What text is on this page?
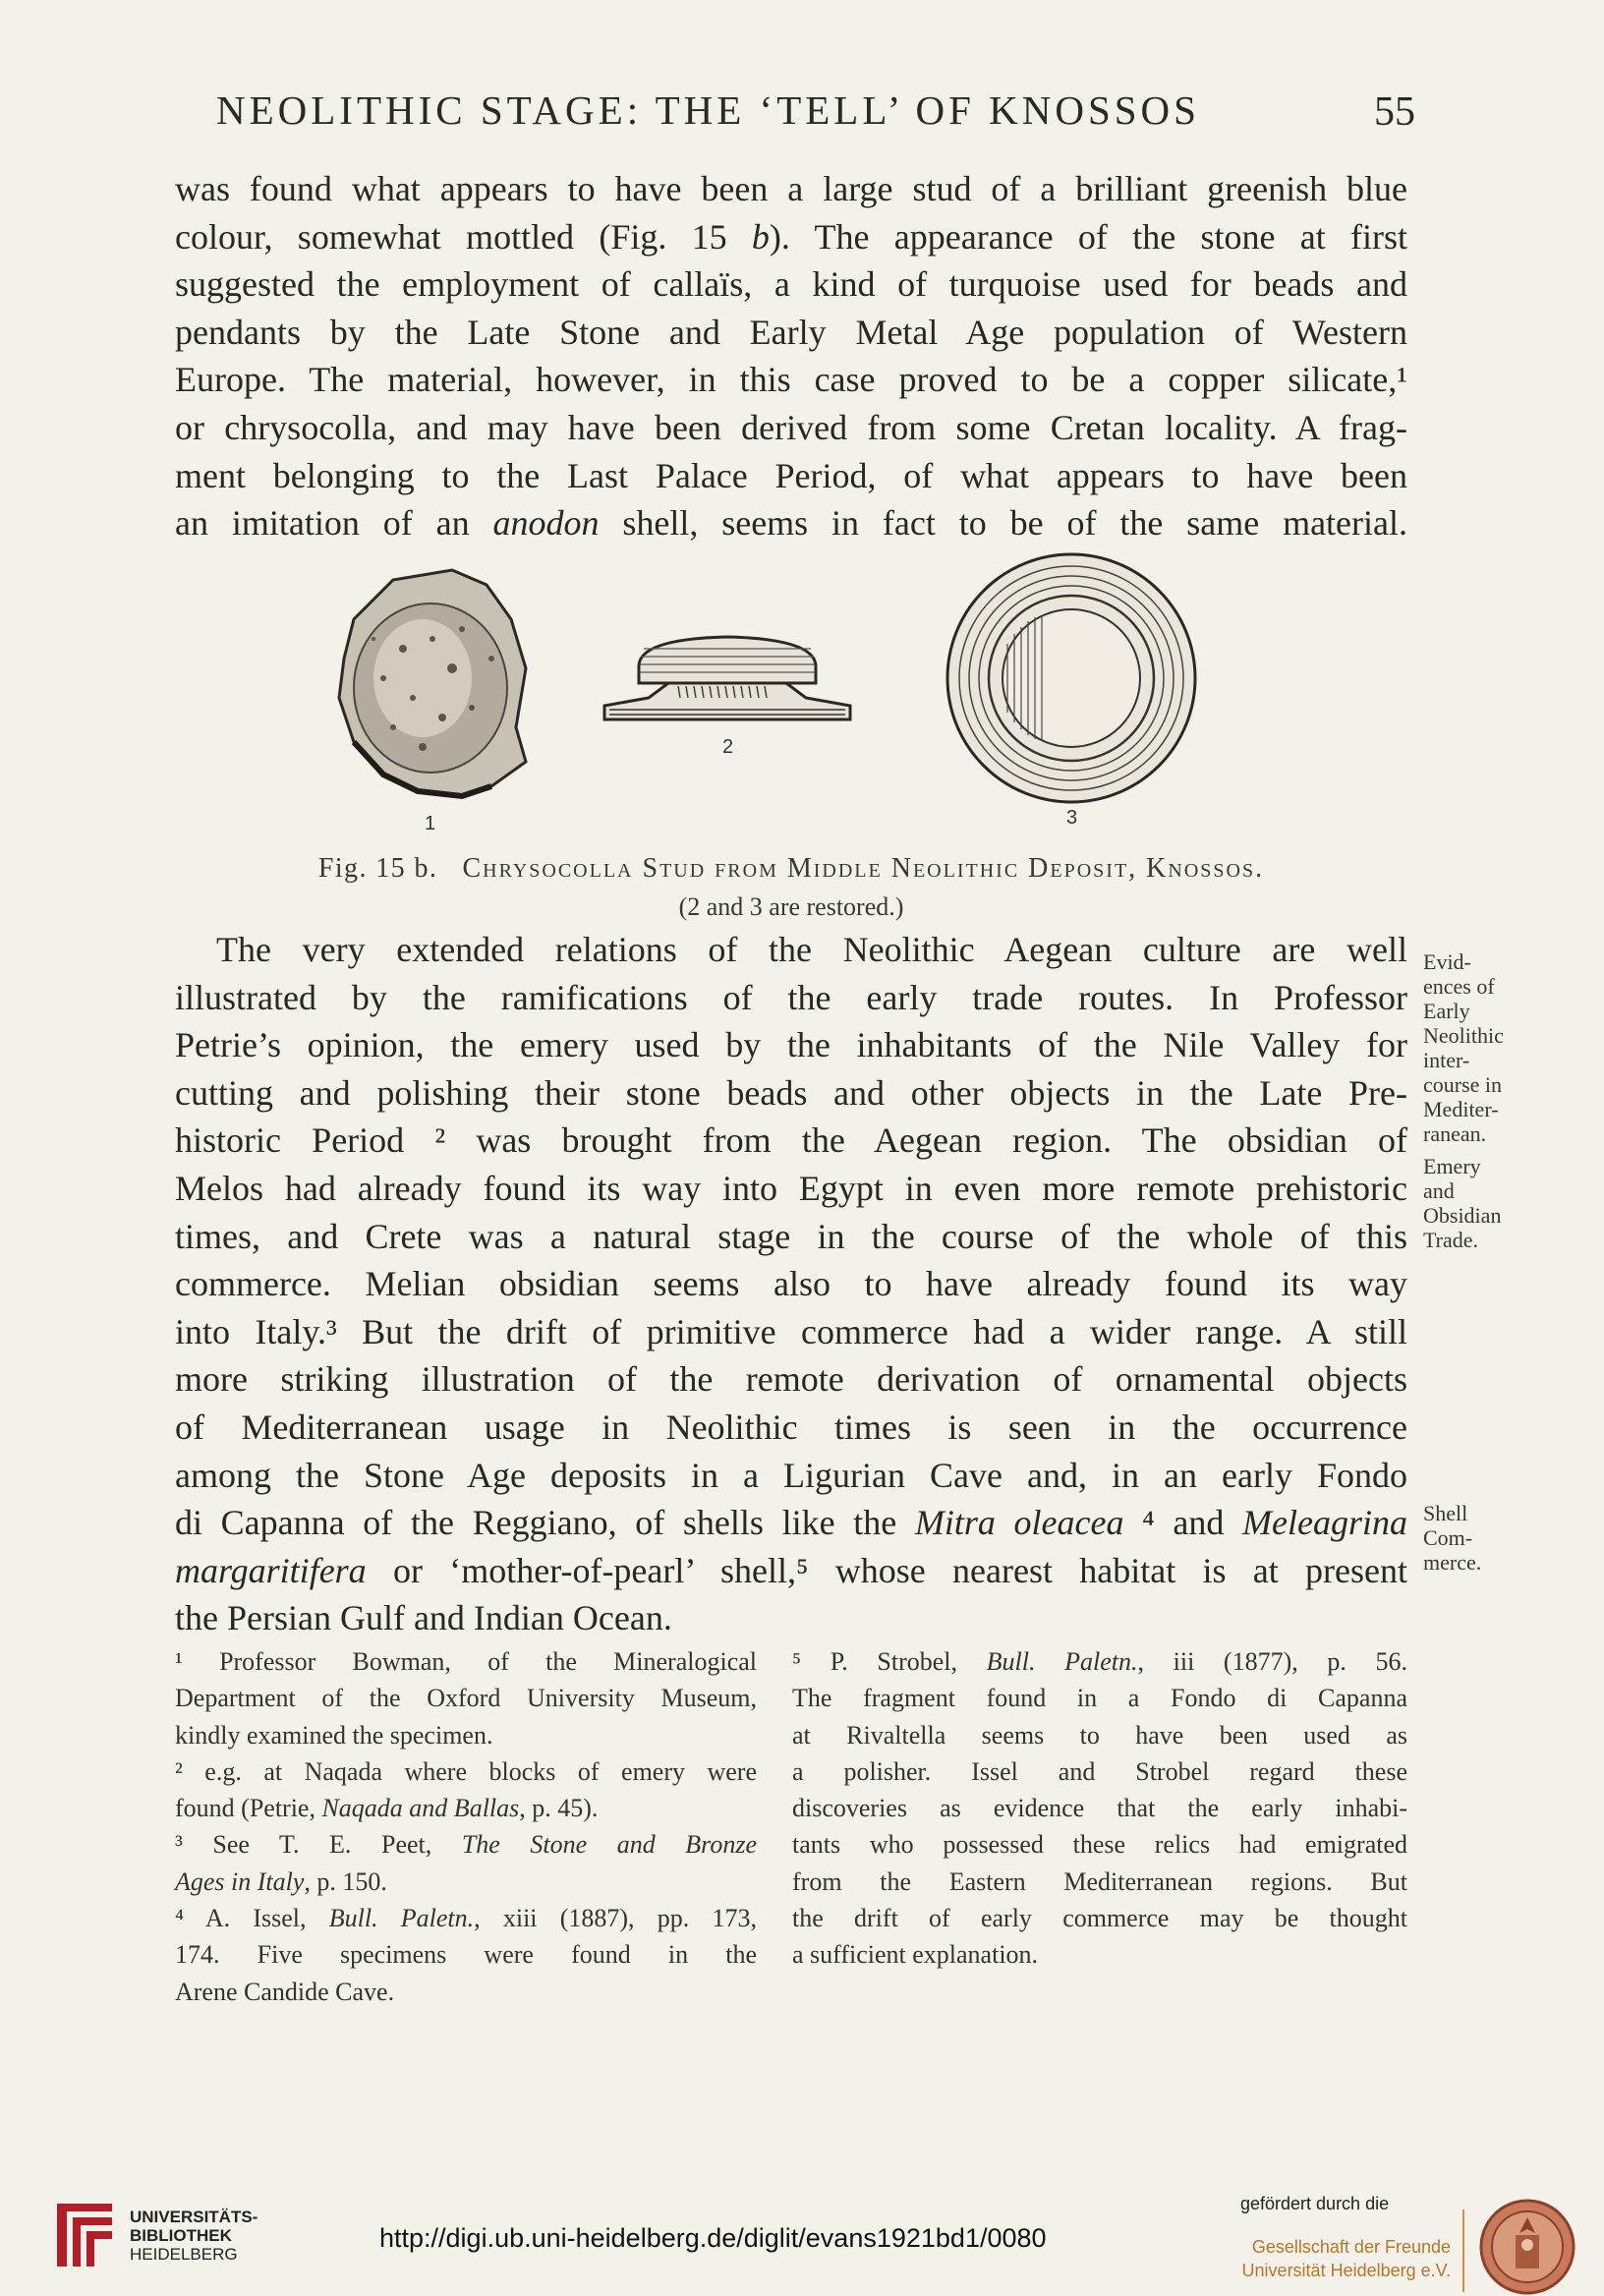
NEOLITHIC STAGE: THE ‘TELL’ OF KNOSSOS	55
was found what appears to have been a large stud of a brilliant greenish blue
colour, somewhat mottled (Fig. 15 b). The appearance of the stone at first
suggested the employment of callaïs, a kind of turquoise used for beads and
pendants by the Late Stone and Early Metal Age population of Western
Europe. The material, however, in this case proved to be a copper silicate,¹
or chrysocolla, and may have been derived from some Cretan locality. A frag-
ment belonging to the Last Palace Period, of what appears to have been
an imitation of an anodon shell, seems in fact to be of the same material.
1
2
3
Fig. 15 b. Chrysocolla Stud from Middle Neolithic Deposit, Knossos.
(2 and 3 are restored.)
The very extended relations of the Neolithic Aegean culture are well
illustrated by the ramifications of the early trade routes. In Professor
Petrie’s opinion, the emery used by the inhabitants of the Nile Valley for
cutting and polishing their stone beads and other objects in the Late Pre-
historic Period ² was brought from the Aegean region. The obsidian of
Melos had already found its way into Egypt in even more remote prehistoric
times, and Crete was a natural stage in the course of the whole of this
commerce. Melian obsidian seems also to have already found its way
into Italy.³ But the drift of primitive commerce had a wider range. A still
more striking illustration of the remote derivation of ornamental objects
of Mediterranean usage in Neolithic times is seen in the occurrence
among the Stone Age deposits in a Ligurian Cave and, in an early Fondo
di Capanna of the Reggiano, of shells like the Mitra oleacea ⁴ and Meleagrina
margaritifera or ‘mother-of-pearl’ shell,⁵ whose nearest habitat is at present
the Persian Gulf and Indian Ocean.
Evid-
ences of
Early
Neolithic
inter-
course in
Mediter-
ranean.
Emery
and
Obsidian
Trade.
Shell
Com-
merce.
¹ Professor Bowman, of the Mineralogical
Department of the Oxford University Museum,
kindly examined the specimen.
² e.g. at Naqada where blocks of emery were
found (Petrie, Naqada and Ballas, p. 45).
³ See T. E. Peet, The Stone and Bronze
Ages in Italy, p. 150.
⁴ A. Issel, Bull. Paletn., xiii (1887), pp. 173,
174. Five specimens were found in the
Arene Candide Cave.
⁵ P. Strobel, Bull. Paletn., iii (1877), p. 56.
The fragment found in a Fondo di Capanna
at Rivaltella seems to have been used as
a polisher. Issel and Strobel regard these
discoveries as evidence that the early inhabi-
tants who possessed these relics had emigrated
from the Eastern Mediterranean regions. But
the drift of early commerce may be thought
a sufficient explanation.
UNIVERSITÄTS-
BIBLIOTHEK
HEIDELBERG
http://digi.ub.uni-heidelberg.de/diglit/evans1921bd1/0080
gefördert durch die
Gesellschaft der Freunde
Universität Heidelberg e.V.
